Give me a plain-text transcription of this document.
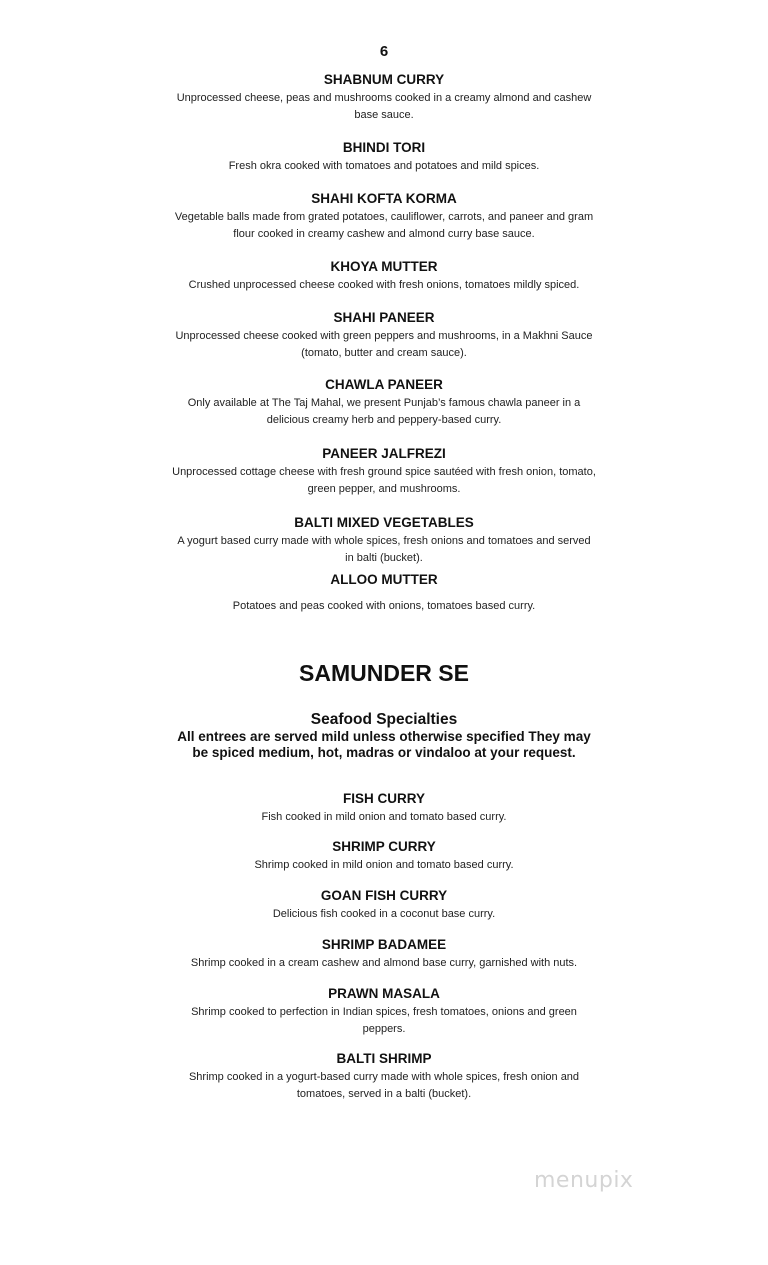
6
SHABNUM CURRY

Unprocessed cheese, peas and mushrooms cooked in a creamy almond and cashew base sauce.

BHINDI TORI

Fresh okra cooked with tomatoes and potatoes and mild spices.

SHAHI KOFTA KORMA

Vegetable balls made from grated potatoes, cauliflower, carrots, and paneer and gram flour cooked in creamy cashew and almond curry base sauce.

KHOYA MUTTER

Crushed unprocessed cheese cooked with fresh onions, tomatoes mildly spiced.

SHAHI PANEER

Unprocessed cheese cooked with green peppers and mushrooms, in a Makhni Sauce (tomato, butter and cream sauce).

CHAWLA PANEER

Only available at The Taj Mahal, we present Punjab’s famous chawla paneer in a delicious creamy herb and peppery-based curry.

PANEER JALFREZI

Unprocessed cottage cheese with fresh ground spice sautéed with fresh onion, tomato, green pepper, and mushrooms.

BALTI MIXED VEGETABLES

A yogurt based curry made with whole spices, fresh onions and tomatoes and served in balti (bucket).

ALLOO MUTTER

Potatoes and peas cooked with onions, tomatoes based curry.

SAMUNDER SE
Seafood Specialties
All entrees are served mild unless otherwise specified They may be spiced medium, hot, madras or vindaloo at your request.
FISH CURRY

Fish cooked in mild onion and tomato based curry.

SHRIMP CURRY

Shrimp cooked in mild onion and tomato based curry.

GOAN FISH CURRY

Delicious fish cooked in a coconut base curry.

SHRIMP BADAMEE

Shrimp cooked in a cream cashew and almond base curry, garnished with nuts.

PRAWN MASALA

Shrimp cooked to perfection in Indian spices, fresh tomatoes, onions and green peppers.

BALTI SHRIMP

Shrimp cooked in a yogurt-based curry made with whole spices, fresh onion and tomatoes, served in a balti (bucket).

menupix
